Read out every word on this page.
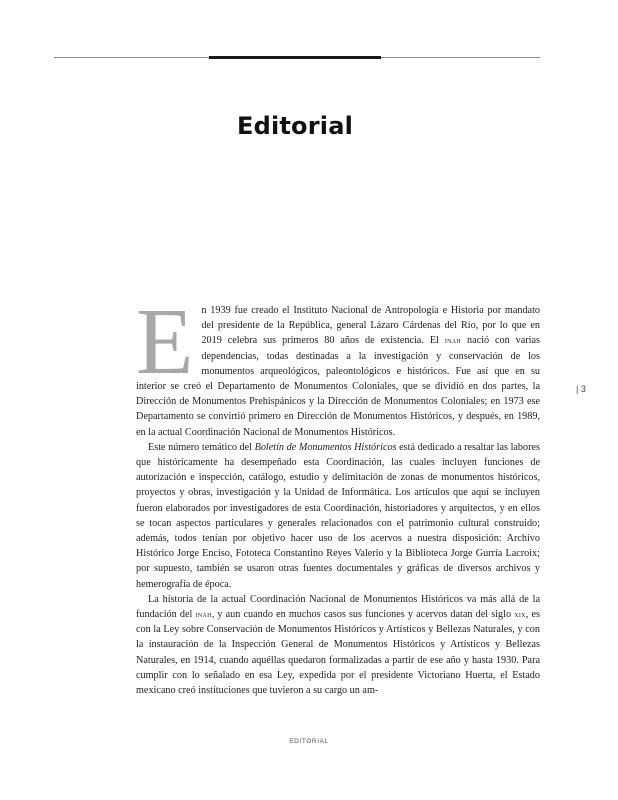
Editorial

En 1939 fue creado el Instituto Nacional de Antropología e Historia por mandato del presidente de la República, general Lázaro Cárdenas del Río, por lo que en 2019 celebra sus primeros 80 años de existencia. El inah nació con varias dependencias, todas destinadas a la investigación y conservación de los monumentos arqueológicos, paleontológicos e históricos. Fue así que en su interior se creó el Departamento de Monumentos Coloniales, que se dividió en dos partes, la Dirección de Monumentos Prehispánicos y la Dirección de Monumentos Coloniales; en 1973 ese Departamento se convirtió primero en Dirección de Monumentos Históricos, y después, en 1989, en la actual Coordinación Nacional de Monumentos Históricos.

Este número temático del Boletín de Monumentos Históricos está dedicado a resaltar las labores que históricamente ha desempeñado esta Coordinación, las cuales incluyen funciones de autorización e inspección, catálogo, estudio y delimitación de zonas de monumentos históricos, proyectos y obras, investigación y la Unidad de Informática. Los artículos que aquí se incluyen fueron elaborados por investigadores de esta Coordinación, historiadores y arquitectos, y en ellos se tocan aspectos particulares y generales relacionados con el patrimonio cultural construido; además, todos tenían por objetivo hacer uso de los acervos a nuestra disposición: Archivo Histórico Jorge Enciso, Fototeca Constantino Reyes Valerio y la Biblioteca Jorge Gurría Lacroix; por supuesto, también se usaron otras fuentes documentales y gráficas de diversos archivos y hemerografía de época.

La historia de la actual Coordinación Nacional de Monumentos Históricos va más allá de la fundación del inah, y aun cuando en muchos casos sus funciones y acervos datan del siglo xix, es con la Ley sobre Conservación de Monumentos Históricos y Artísticos y Bellezas Naturales, y con la instauración de la Inspección General de Monumentos Históricos y Artísticos y Bellezas Naturales, en 1914, cuando aquéllas quedaron formalizadas a partir de ese año y hasta 1930. Para cumplir con lo señalado en esa Ley, expedida por el presidente Victoriano Huerta, el Estado mexicano creó instituciones que tuvieron a su cargo un am-

| 3
EDITORIAL
